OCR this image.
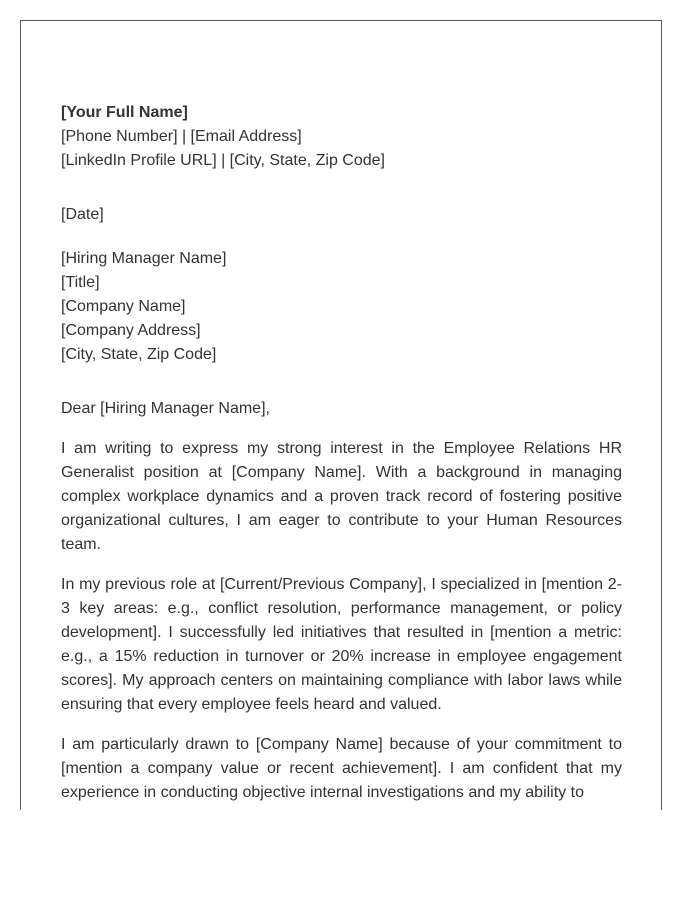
[Your Full Name]
[Phone Number] | [Email Address]
[LinkedIn Profile URL] | [City, State, Zip Code]
[Date]
[Hiring Manager Name]
[Title]
[Company Name]
[Company Address]
[City, State, Zip Code]
Dear [Hiring Manager Name],

I am writing to express my strong interest in the Employee Relations HR Generalist position at [Company Name]. With a background in managing complex workplace dynamics and a proven track record of fostering positive organizational cultures, I am eager to contribute to your Human Resources team.

In my previous role at [Current/Previous Company], I specialized in [mention 2-3 key areas: e.g., conflict resolution, performance management, or policy development]. I successfully led initiatives that resulted in [mention a metric: e.g., a 15% reduction in turnover or 20% increase in employee engagement scores]. My approach centers on maintaining compliance with labor laws while ensuring that every employee feels heard and valued.

I am particularly drawn to [Company Name] because of your commitment to [mention a company value or recent achievement]. I am confident that my experience in conducting objective internal investigations and my ability to
